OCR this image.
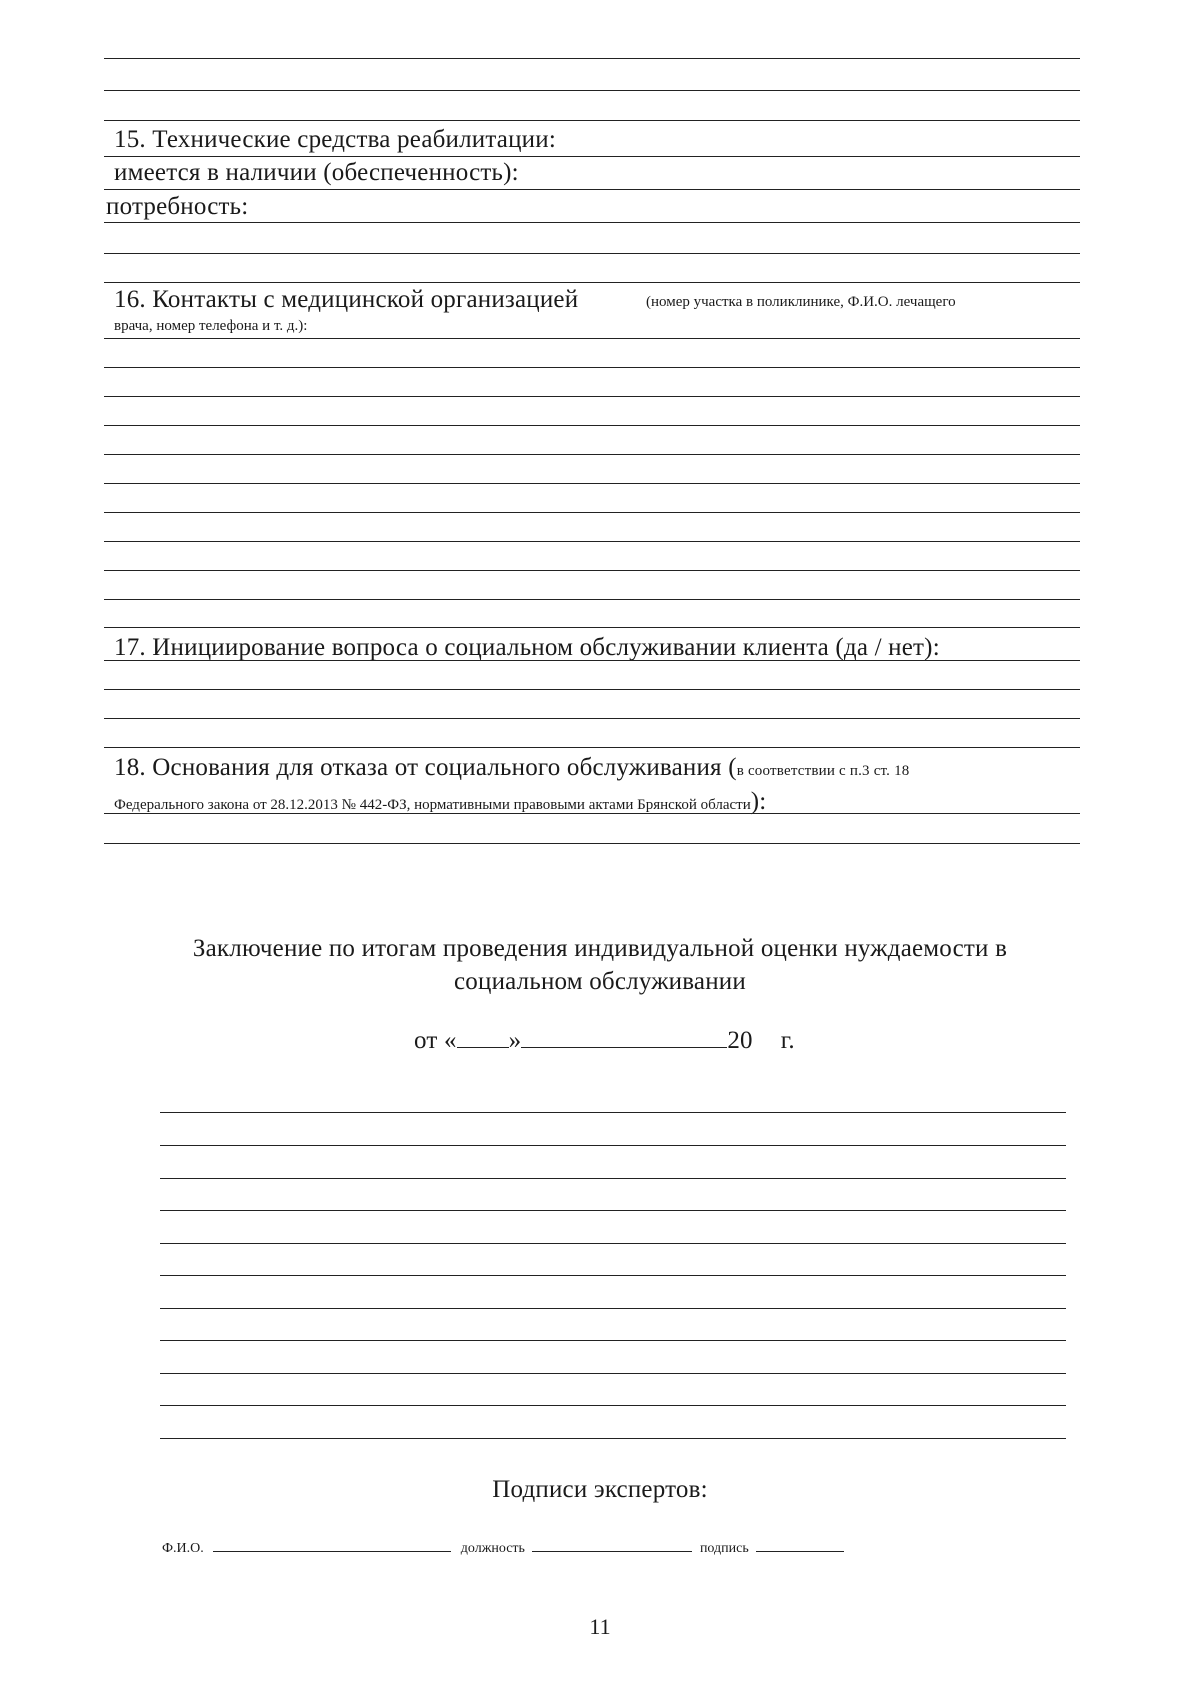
15. Технические средства реабилитации:
имеется в наличии (обеспеченность):
потребность:
16. Контакты с медицинской организацией	(номер участка в поликлинике, Ф.И.О. лечащего
врача, номер телефона и т. д.):
17. Инициирование вопроса о социальном обслуживании клиента (да / нет):
18. Основания для отказа от социального обслуживания (в соответствии с п.3 ст. 18
Федерального закона от 28.12.2013 № 442-ФЗ, нормативными правовыми актами Брянской области):
Заключение по итогам проведения индивидуальной оценки нуждаемости в
социальном обслуживании
от « »	20 г.
Подписи экспертов:
Ф.И.О.	должность	подпись
11
